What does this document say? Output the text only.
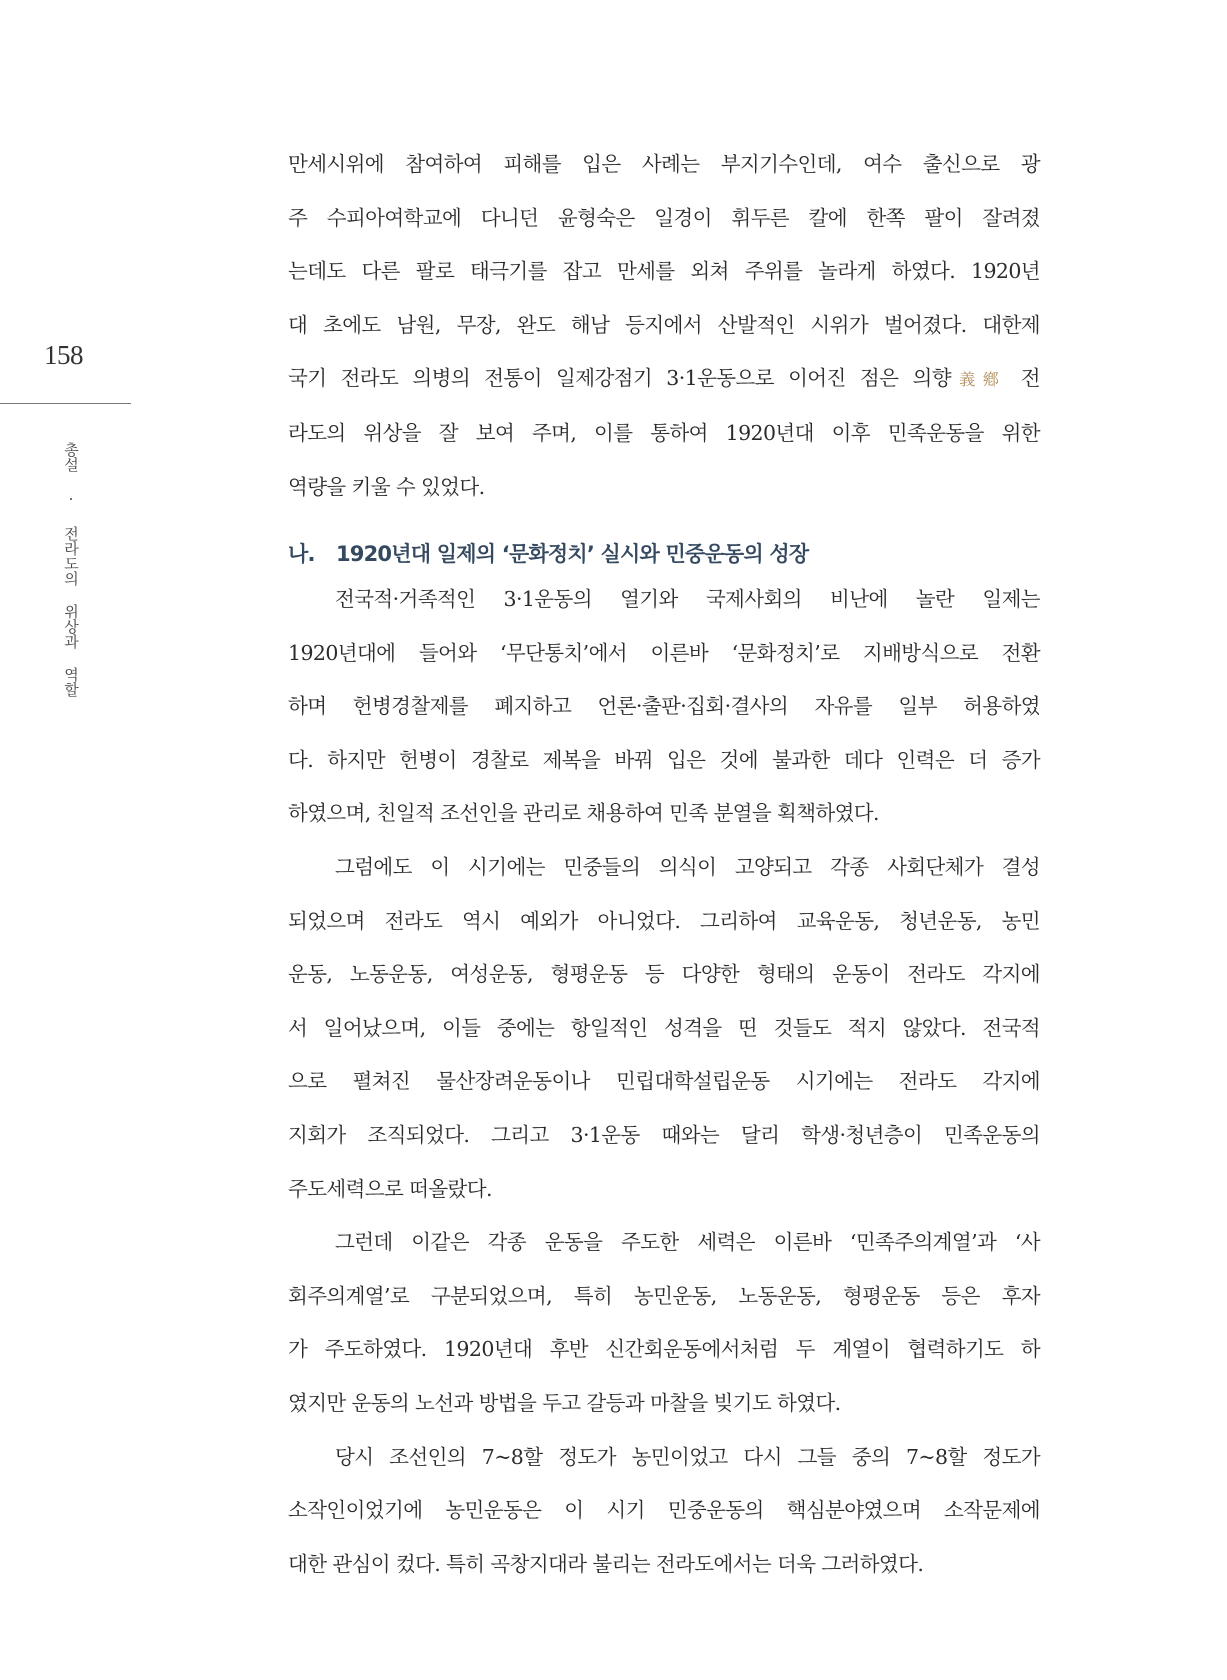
158
총설 · 전라도의 위상과 역할

만세시위에 참여하여 피해를 입은 사례는 부지기수인데, 여수 출신으로 광
주 수피아여학교에 다니던 윤형숙은 일경이 휘두른 칼에 한쪽 팔이 잘려졌
는데도 다른 팔로 태극기를 잡고 만세를 외쳐 주위를 놀라게 하였다. 1920년
대 초에도 남원, 무장, 완도 해남 등지에서 산발적인 시위가 벌어졌다. 대한제
국기 전라도 의병의 전통이 일제강점기 3·1운동으로 이어진 점은 의향義鄕 전
라도의 위상을 잘 보여 주며, 이를 통하여 1920년대 이후 민족운동을 위한
역량을 키울 수 있었다.

나. 1920년대 일제의 ‘문화정치’ 실시와 민중운동의 성장

전국적·거족적인 3·1운동의 열기와 국제사회의 비난에 놀란 일제는
1920년대에 들어와 ‘무단통치’에서 이른바 ‘문화정치’로 지배방식으로 전환
하며 헌병경찰제를 폐지하고 언론·출판·집회·결사의 자유를 일부 허용하였
다. 하지만 헌병이 경찰로 제복을 바꿔 입은 것에 불과한 데다 인력은 더 증가
하였으며, 친일적 조선인을 관리로 채용하여 민족 분열을 획책하였다.

그럼에도 이 시기에는 민중들의 의식이 고양되고 각종 사회단체가 결성
되었으며 전라도 역시 예외가 아니었다. 그리하여 교육운동, 청년운동, 농민
운동, 노동운동, 여성운동, 형평운동 등 다양한 형태의 운동이 전라도 각지에
서 일어났으며, 이들 중에는 항일적인 성격을 띤 것들도 적지 않았다. 전국적
으로 펼쳐진 물산장려운동이나 민립대학설립운동 시기에는 전라도 각지에
지회가 조직되었다. 그리고 3·1운동 때와는 달리 학생·청년층이 민족운동의
주도세력으로 떠올랐다.

그런데 이같은 각종 운동을 주도한 세력은 이른바 ‘민족주의계열’과 ‘사
회주의계열’로 구분되었으며, 특히 농민운동, 노동운동, 형평운동 등은 후자
가 주도하였다. 1920년대 후반 신간회운동에서처럼 두 계열이 협력하기도 하
였지만 운동의 노선과 방법을 두고 갈등과 마찰을 빚기도 하였다.

당시 조선인의 7~8할 정도가 농민이었고 다시 그들 중의 7~8할 정도가
소작인이었기에 농민운동은 이 시기 민중운동의 핵심분야였으며 소작문제에
대한 관심이 컸다. 특히 곡창지대라 불리는 전라도에서는 더욱 그러하였다.
